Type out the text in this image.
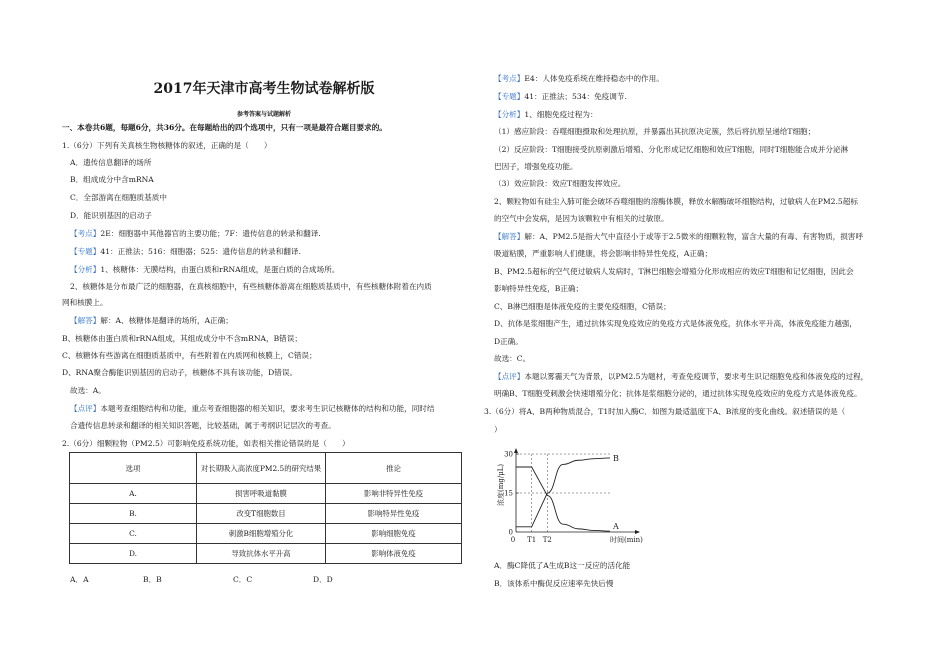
2017年天津市高考生物试卷解析版
参考答案与试题解析
一、本卷共6题，每题6分，共36分。在每题给出的四个选项中，只有一项是最符合题目要求的。
1.（6分）下列有关真核生物核糖体的叙述，正确的是（　　）
A．遗传信息翻译的场所
B．组成成分中含mRNA
C．全部游离在细胞质基质中
D．能识别基因的启动子
【考点】2E：细胞器中其他器官的主要功能；7F：遗传信息的转录和翻译.
【专题】41：正推法；516：细胞器；525：遗传信息的转录和翻译.
【分析】1、核糖体：无膜结构，由蛋白质和rRNA组成，是蛋白质的合成场所。
2、核糖体是分布最广泛的细胞器，在真核细胞中，有些核糖体游离在细胞质基质中，有些核糖体附着在内质
网和核膜上。
【解答】解：A、核糖体是翻译的场所，A正确；
B、核糖体由蛋白质和rRNA组成，其组成成分中不含mRNA，B错误；
C、核糖体有些游离在细胞质基质中，有些附着在内质网和核膜上，C错误；
D、RNA聚合酶能识别基因的启动子，核糖体不具有该功能，D错误。
故选：A。
【点评】本题考查细胞结构和功能，重点考查细胞器的相关知识，要求考生识记核糖体的结构和功能，同时结
合遗传信息转录和翻译的相关知识答题，比较基础，属于考纲识记层次的考查。
2.（6分）细颗粒物（PM2.5）可影响免疫系统功能，如表相关推论错误的是（　　）
选项	对长期吸入高浓度PM2.5的研究结果	推论
A.	损害呼吸道黏膜	影响非特异性免疫
B.	改变T细胞数目	影响特异性免疫
C.	刺激B细胞增殖分化	影响细胞免疫
D.	导致抗体水平升高	影响体液免疫
A．A	B．B	C．C	D．D
【考点】E4：人体免疫系统在维持稳态中的作用。
【专题】41：正推法；534：免疫调节.
【分析】1、细胞免疫过程为：
（1）感应阶段：吞噬细胞摄取和处理抗原，并暴露出其抗原决定簇，然后将抗原呈递给T细胞；
（2）反应阶段：T细胞接受抗原刺激后增殖、分化形成记忆细胞和效应T细胞，同时T细胞能合成并分泌淋
巴因子，增强免疫功能。
（3）效应阶段：效应T细胞发挥效应。
2、颗粒物如有硅尘入肺可能会破坏吞噬细胞的溶酶体膜，释放水解酶破坏细胞结构，过敏病人在PM2.5超标
的空气中会发病，是因为该颗粒中有相关的过敏原。
【解答】解：A、PM2.5是指大气中直径小于或等于2.5微米的细颗粒物，富含大量的有毒、有害物质，损害呼
吸道粘膜，严重影响人们健康，将会影响非特异性免疫，A正确；
B、PM2.5超标的空气使过敏病人发病时，T淋巴细胞会增殖分化形成相应的效应T细胞和记忆细胞，因此会
影响特异性免疫，B正确；
C、B淋巴细胞是体液免疫的主要免疫细胞，C错误；
D、抗体是浆细胞产生，通过抗体实现免疫效应的免疫方式是体液免疫，抗体水平升高，体液免疫能力越强，
D正确。
故选：C。
【点评】本题以雾霾天气为背景，以PM2.5为题材，考查免疫调节，要求考生识记细胞免疫和体液免疫的过程，
明确B、T细胞受刺激会快速增殖分化；抗体是浆细胞分泌的，通过抗体实现免疫效应的免疫方式是体液免疫。
3.（6分）将A、B两种物质混合，T1时加入酶C．如图为最适温度下A、B浓度的变化曲线。叙述错误的是（
）
A
B
0
15
30
0 T1 T2
浓度(mg/μL)
时间(min)
A．酶C降低了A生成B这一反应的活化能
B．该体系中酶促反应速率先快后慢
